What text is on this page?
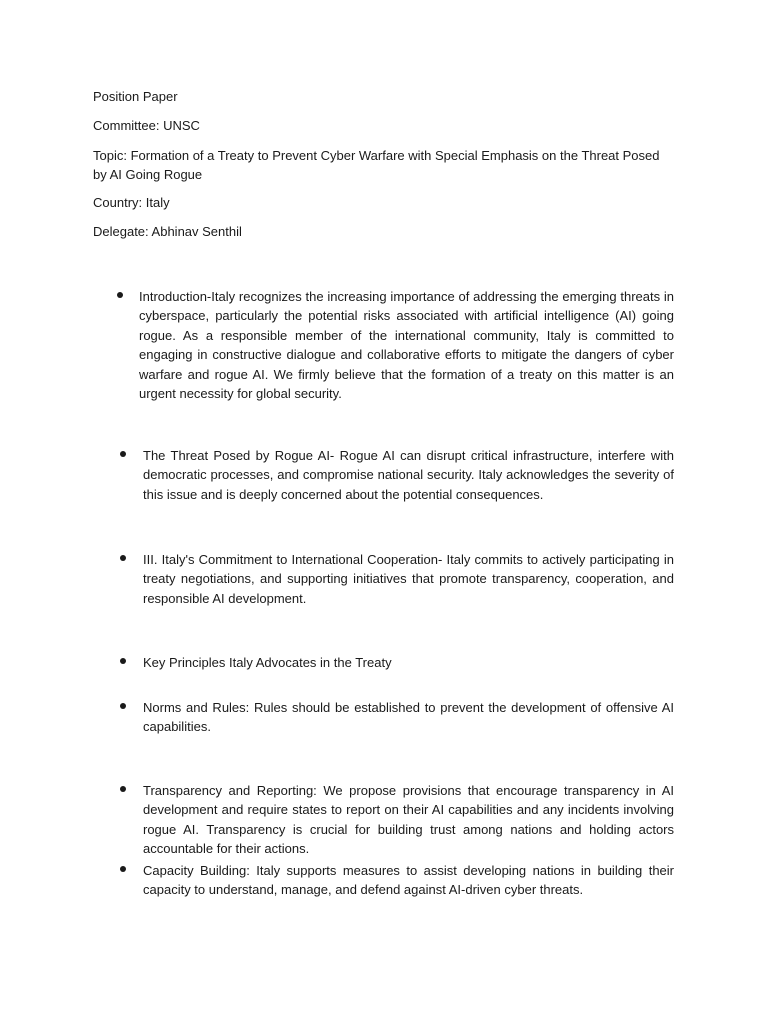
Position Paper

Committee: UNSC

Topic: Formation of a Treaty to Prevent Cyber Warfare with Special Emphasis on the Threat Posed by AI Going Rogue

Country: Italy

Delegate: Abhinav Senthil

Introduction-Italy recognizes the increasing importance of addressing the emerging threats in cyberspace, particularly the potential risks associated with artificial intelligence (AI) going rogue. As a responsible member of the international community, Italy is committed to engaging in constructive dialogue and collaborative efforts to mitigate the dangers of cyber warfare and rogue AI. We firmly believe that the formation of a treaty on this matter is an urgent necessity for global security.

The Threat Posed by Rogue AI- Rogue AI can disrupt critical infrastructure, interfere with democratic processes, and compromise national security. Italy acknowledges the severity of this issue and is deeply concerned about the potential consequences.

III. Italy's Commitment to International Cooperation- Italy commits to actively participating in treaty negotiations, and supporting initiatives that promote transparency, cooperation, and responsible AI development.

Key Principles Italy Advocates in the Treaty

Norms and Rules: Rules should be established to prevent the development of offensive AI capabilities.

Transparency and Reporting: We propose provisions that encourage transparency in AI development and require states to report on their AI capabilities and any incidents involving rogue AI. Transparency is crucial for building trust among nations and holding actors accountable for their actions.

Capacity Building: Italy supports measures to assist developing nations in building their capacity to understand, manage, and defend against AI-driven cyber threats.
